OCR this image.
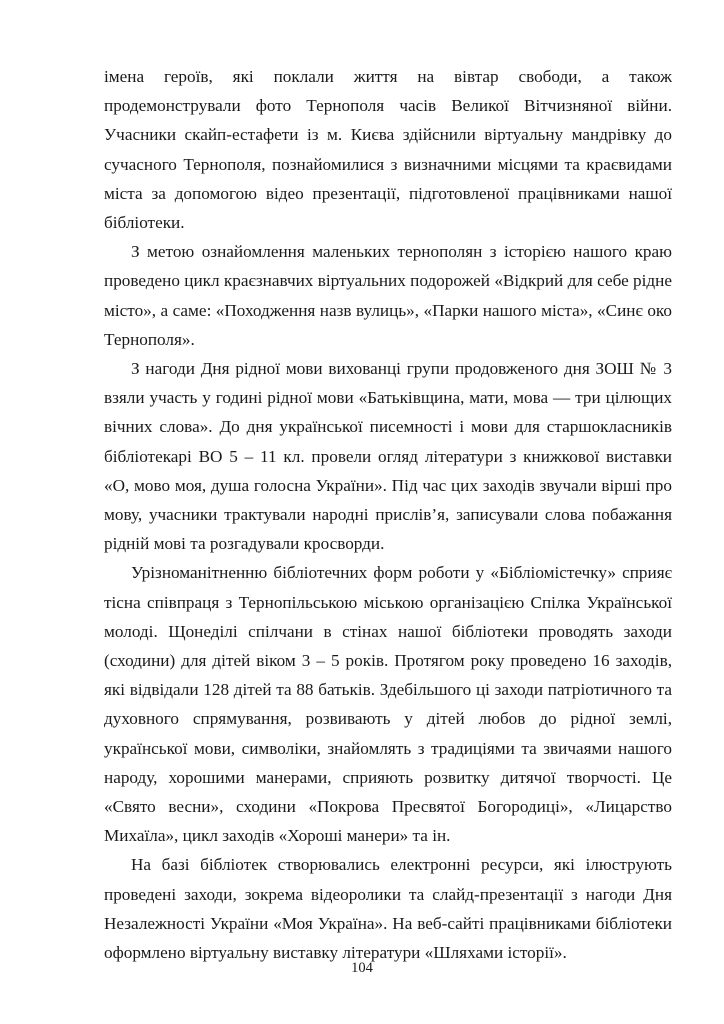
імена героїв, які поклали життя на вівтар свободи, а також продемонстрували фото Тернополя часів Великої Вітчизняної війни. Учасники скайп-естафети із м. Києва здійснили віртуальну мандрівку до сучасного Тернополя, познайомилися з визначними місцями та краєвидами міста за допомогою відео презентації, підготовленої працівниками нашої бібліотеки.

З метою ознайомлення маленьких тернополян з історією нашого краю проведено цикл краєзнавчих віртуальних подорожей «Відкрий для себе рідне місто», а саме: «Походження назв вулиць», «Парки нашого міста», «Синє око Тернополя».

З нагоди Дня рідної мови вихованці групи продовженого дня ЗОШ № 3 взяли участь у годині рідної мови «Батьківщина, мати, мова — три цілющих вічних слова». До дня української писемності і мови для старшокласників бібліотекарі ВО 5 – 11 кл. провели огляд літератури з книжкової виставки «О, мово моя, душа голосна України». Під час цих заходів звучали вірші про мову, учасники трактували народні прислів’я, записували слова побажання рідній мові та розгадували кросворди.

Урізноманітненню бібліотечних форм роботи у «Бібліомістечку» сприяє тісна співпраця з Тернопільською міською організацією Спілка Української молоді. Щонеділі спілчани в стінах нашої бібліотеки проводять заходи (сходини) для дітей віком 3 – 5 років. Протягом року проведено 16 заходів, які відвідали 128 дітей та 88 батьків. Здебільшого ці заходи патріотичного та духовного спрямування, розвивають у дітей любов до рідної землі, української мови, символіки, знайомлять з традиціями та звичаями нашого народу, хорошими манерами, сприяють розвитку дитячої творчості. Це «Свято весни», сходини «Покрова Пресвятої Богородиці», «Лицарство Михаїла», цикл заходів «Хороші манери» та ін.

На базі бібліотек створювались електронні ресурси, які ілюструють проведені заходи, зокрема відеоролики та слайд-презентації з нагоди Дня Незалежності України «Моя Україна». На веб-сайті працівниками бібліотеки оформлено віртуальну виставку літератури «Шляхами історії».

104
